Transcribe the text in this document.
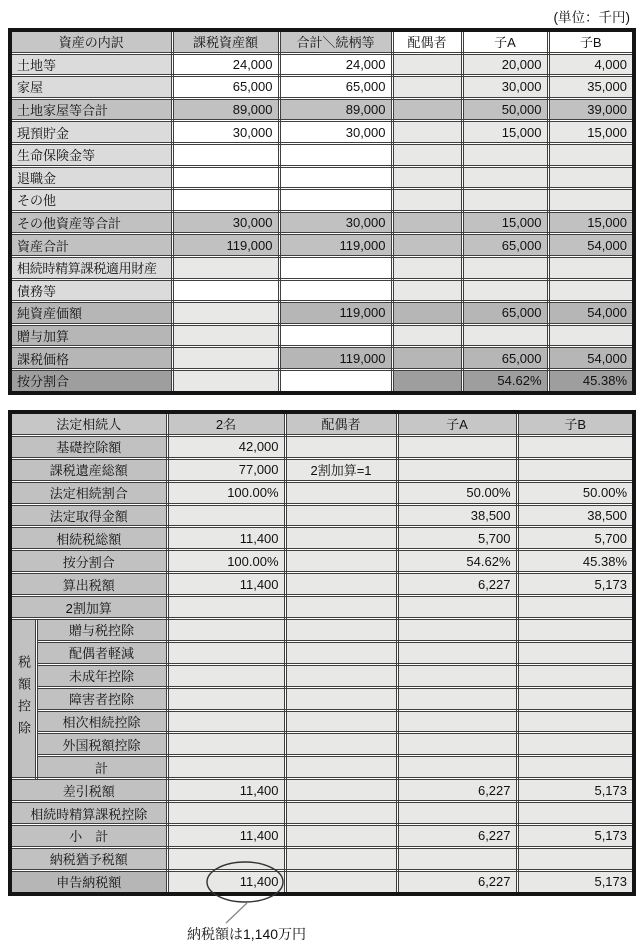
(単位：千円)
資産の内訳	課税資産額	合計＼続柄等	配偶者	子A	子B
土地等	24,000	24,000		20,000	4,000
家屋	65,000	65,000		30,000	35,000
土地家屋等合計	89,000	89,000		50,000	39,000
現預貯金	30,000	30,000		15,000	15,000
生命保険金等					
退職金					
その他					
その他資産等合計	30,000	30,000		15,000	15,000
資産合計	119,000	119,000		65,000	54,000
相続時精算課税適用財産					
債務等					
純資産価額		119,000		65,000	54,000
贈与加算					
課税価格		119,000		65,000	54,000
按分割合				54.62%	45.38%
法定相続人		2名	配偶者	子A	子B
基礎控除額		42,000			
課税遺産総額		77,000	2割加算=1		
法定相続割合		100.00%		50.00%	50.00%
法定取得金額				38,500	38,500
相続税総額		11,400		5,700	5,700
按分割合		100.00%		54.62%	45.38%
算出税額		11,400		6,227	5,173
2割加算					

税額控除	贈与税控除				
	配偶者軽減				
	未成年控除				
	障害者控除				
	相次相続控除				
	外国税額控除				
	計				
差引税額		11,400		6,227	5,173
相続時精算課税控除					
小　計		11,400		6,227	5,173
納税猶予税額					
申告納税額		11,400		6,227	5,173
納税額は1,140万円
